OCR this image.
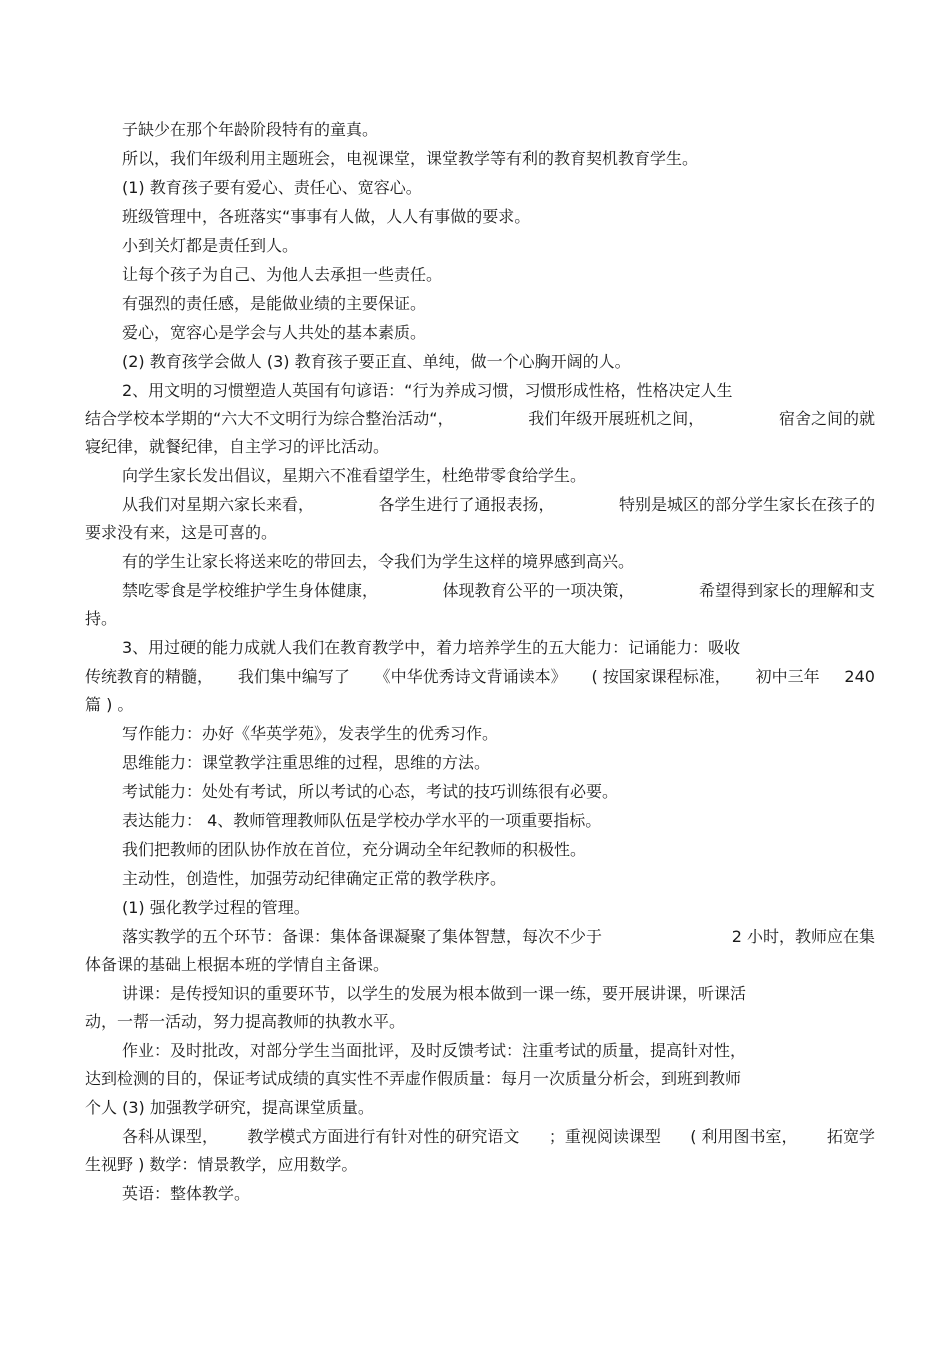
子缺少在那个年龄阶段特有的童真。
所以，我们年级利用主题班会，电视课堂，课堂教学等有利的教育契机教育学生。
(1) 教育孩子要有爱心、责任心、宽容心。
班级管理中，各班落实“事事有人做，人人有事做的要求。
小到关灯都是责任到人。
让每个孩子为自己、为他人去承担一些责任。
有强烈的责任感，是能做业绩的主要保证。
爱心，宽容心是学会与人共处的基本素质。
(2) 教育孩学会做人 (3) 教育孩子要正直、单纯，做一个心胸开阔的人。
2、用文明的习惯塑造人英国有句谚语：“行为养成习惯，习惯形成性格，性格决定人生
结合学校本学期的“六大不文明行为综合整治活动“，	我们年级开展班机之间，	宿舍之间的就
寝纪律，就餐纪律，自主学习的评比活动。
向学生家长发出倡议，星期六不准看望学生，杜绝带零食给学生。
从我们对星期六家长来看，	各学生进行了通报表扬，	特别是城区的部分学生家长在孩子的
要求没有来，这是可喜的。
有的学生让家长将送来吃的带回去，令我们为学生这样的境界感到高兴。
禁吃零食是学校维护学生身体健康，	体现教育公平的一项决策，	希望得到家长的理解和支
持。
3、用过硬的能力成就人我们在教育教学中，着力培养学生的五大能力：记诵能力：吸收
传统教育的精髓， 我们集中编写了 《中华优秀诗文背诵读本》 ( 按国家课程标准， 初中三年 240
篇 ) 。
写作能力：办好《华英学苑》，发表学生的优秀习作。
思维能力：课堂教学注重思维的过程，思维的方法。
考试能力：处处有考试，所以考试的心态，考试的技巧训练很有必要。
表达能力： 4、教师管理教师队伍是学校办学水平的一项重要指标。
我们把教师的团队协作放在首位，充分调动全年纪教师的积极性。
主动性，创造性，加强劳动纪律确定正常的教学秩序。
(1) 强化教学过程的管理。
落实教学的五个环节：备课：集体备课凝聚了集体智慧，每次不少于	2 小时，教师应在集
体备课的基础上根据本班的学情自主备课。
讲课：是传授知识的重要环节，以学生的发展为根本做到一课一练，要开展讲课，听课活
动，一帮一活动，努力提高教师的执教水平。
作业：及时批改，对部分学生当面批评，及时反馈考试：注重考试的质量，提高针对性，
达到检测的目的，保证考试成绩的真实性不弄虚作假质量：每月一次质量分析会，到班到教师
个人 (3) 加强教学研究，提高课堂质量。
各科从课型， 教学模式方面进行有针对性的研究语文 ；重视阅读课型 ( 利用图书室， 拓宽学
生视野 ) 数学：情景教学，应用数学。
英语：整体教学。
